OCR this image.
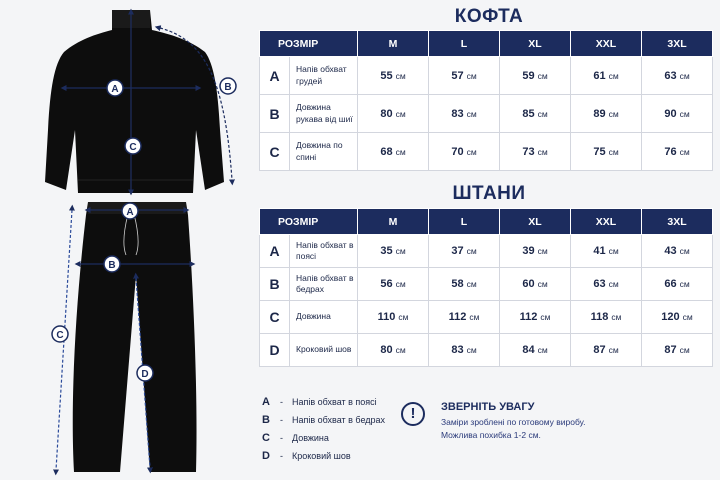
A	B
C
A
B
C
D
КОФТА
РОЗМІР		M	L	XL	XXL	3XL
A	Напів обхват грудей	55 см	57 см	59 см	61 см	63 см
B	Довжина рукава від шиї	80 см	83 см	85 см	89 см	90 см
C	Довжина по спині	68 см	70 см	73 см	75 см	76 см
ШТАНИ
РОЗМІР		M	L	XL	XXL	3XL
A	Напів обхват в поясі	35 см	37 см	39 см	41 см	43 см
B	Напів обхват в бедрах	56 см	58 см	60 см	63 см	66 см
C	Довжина	110 см	112 см	112 см	118 см	120 см
D	Кроковий шов	80 см	83 см	84 см	87 см	87 см
A	-	Напів обхват в поясі
B	-	Напів обхват в бедрах
C	-	Довжина
D	-	Кроковий шов
!	ЗВЕРНІТЬ УВАГУ
Заміри зроблені по готовому виробу.
Можлива похибка 1-2 см.
